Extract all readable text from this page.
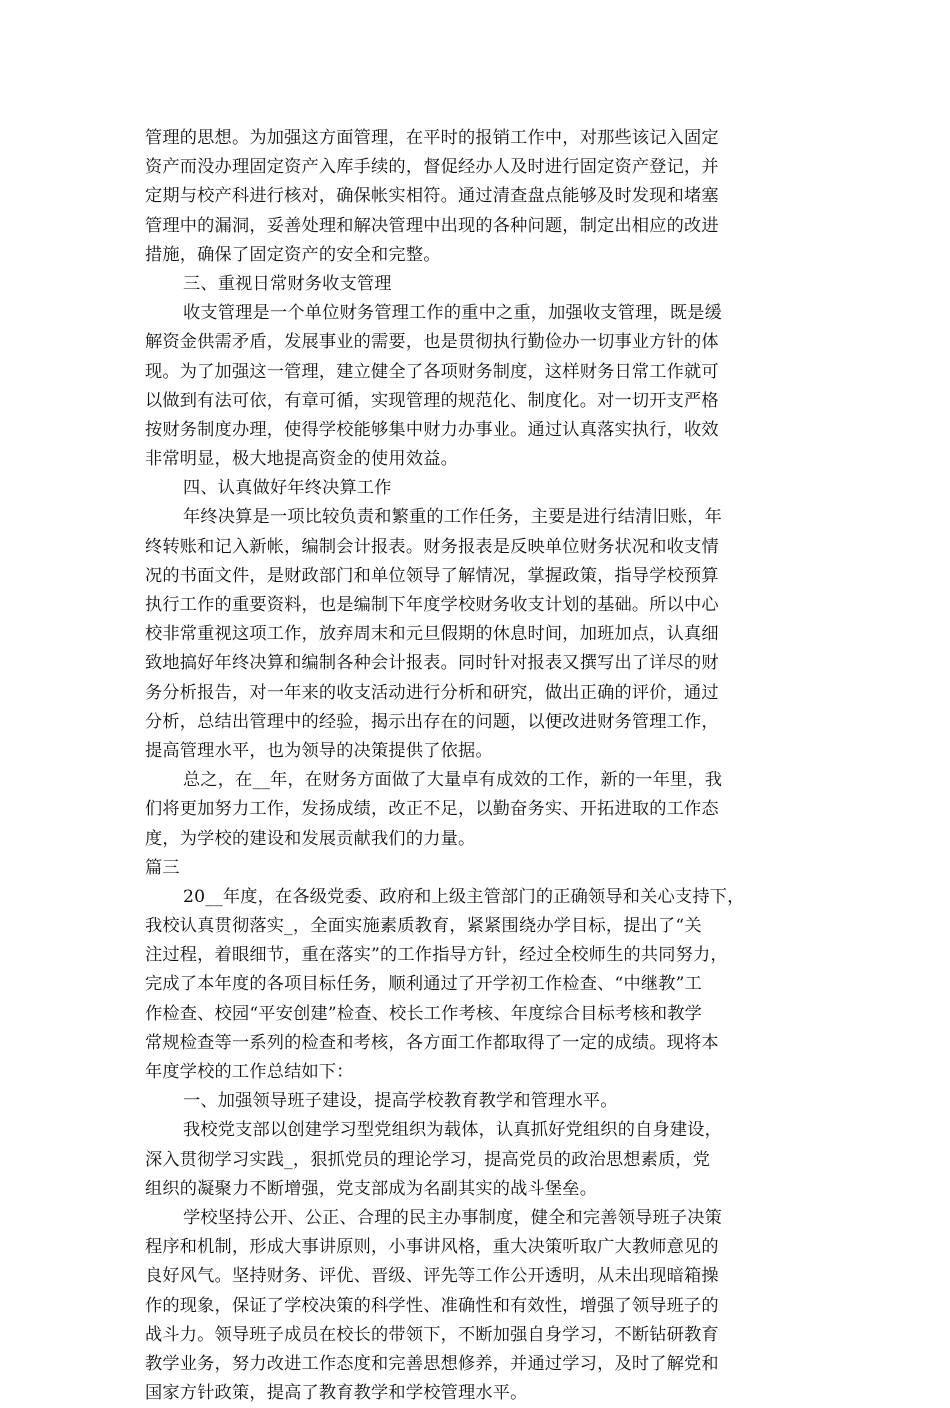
管理的思想。为加强这方面管理，在平时的报销工作中，对那些该记入固定
资产而没办理固定资产入库手续的，督促经办人及时进行固定资产登记，并
定期与校产科进行核对，确保帐实相符。通过清查盘点能够及时发现和堵塞
管理中的漏洞，妥善处理和解决管理中出现的各种问题，制定出相应的改进
措施，确保了固定资产的安全和完整。
三、重视日常财务收支管理
收支管理是一个单位财务管理工作的重中之重，加强收支管理，既是缓
解资金供需矛盾，发展事业的需要，也是贯彻执行勤俭办一切事业方针的体
现。为了加强这一管理，建立健全了各项财务制度，这样财务日常工作就可
以做到有法可依，有章可循，实现管理的规范化、制度化。对一切开支严格
按财务制度办理，使得学校能够集中财力办事业。通过认真落实执行，收效
非常明显，极大地提高资金的使用效益。
四、认真做好年终决算工作
年终决算是一项比较负责和繁重的工作任务，主要是进行结清旧账，年
终转账和记入新帐，编制会计报表。财务报表是反映单位财务状况和收支情
况的书面文件，是财政部门和单位领导了解情况，掌握政策，指导学校预算
执行工作的重要资料，也是编制下年度学校财务收支计划的基础。所以中心
校非常重视这项工作，放弃周末和元旦假期的休息时间，加班加点，认真细
致地搞好年终决算和编制各种会计报表。同时针对报表又撰写出了详尽的财
务分析报告，对一年来的收支活动进行分析和研究，做出正确的评价，通过
分析，总结出管理中的经验，揭示出存在的问题，以便改进财务管理工作，
提高管理水平，也为领导的决策提供了依据。
总之，在__年，在财务方面做了大量卓有成效的工作，新的一年里，我
们将更加努力工作，发扬成绩，改正不足，以勤奋务实、开拓进取的工作态
度，为学校的建设和发展贡献我们的力量。
篇三
20__年度，在各级党委、政府和上级主管部门的正确领导和关心支持下，
我校认真贯彻落实_，全面实施素质教育，紧紧围绕办学目标，提出了“关
注过程，着眼细节，重在落实”的工作指导方针，经过全校师生的共同努力，
完成了本年度的各项目标任务，顺利通过了开学初工作检查、“中继教”工
作检查、校园“平安创建”检查、校长工作考核、年度综合目标考核和教学
常规检查等一系列的检查和考核，各方面工作都取得了一定的成绩。现将本
年度学校的工作总结如下：
一、加强领导班子建设，提高学校教育教学和管理水平。
我校党支部以创建学习型党组织为载体，认真抓好党组织的自身建设，
深入贯彻学习实践_，狠抓党员的理论学习，提高党员的政治思想素质，党
组织的凝聚力不断增强，党支部成为名副其实的战斗堡垒。
学校坚持公开、公正、合理的民主办事制度，健全和完善领导班子决策
程序和机制，形成大事讲原则，小事讲风格，重大决策听取广大教师意见的
良好风气。坚持财务、评优、晋级、评先等工作公开透明，从未出现暗箱操
作的现象，保证了学校决策的科学性、准确性和有效性，增强了领导班子的
战斗力。领导班子成员在校长的带领下，不断加强自身学习，不断钻研教育
教学业务，努力改进工作态度和完善思想修养，并通过学习，及时了解党和
国家方针政策，提高了教育教学和学校管理水平。
